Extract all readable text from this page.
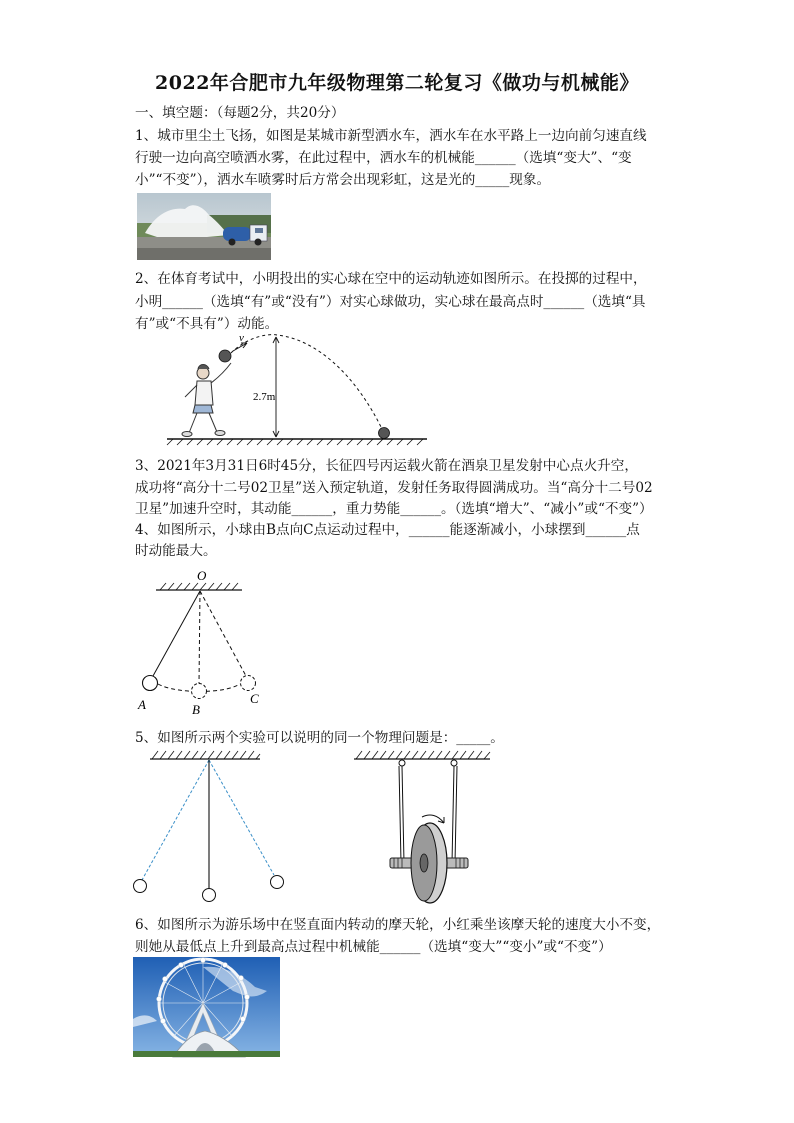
2022年合肥市九年级物理第二轮复习《做功与机械能》
一、填空题：（每题2分，共20分）
1、城市里尘土飞扬，如图是某城市新型洒水车，洒水车在水平路上一边向前匀速直线
行驶一边向高空喷洒水雾，在此过程中，洒水车的机械能______（选填“变大”、“变
小”“不变”），洒水车喷雾时后方常会出现彩虹，这是光的_____现象。
2、在体育考试中，小明投出的实心球在空中的运动轨迹如图所示。在投掷的过程中，
小明______（选填“有”或“没有”）对实心球做功，实心球在最高点时______（选填“具
有”或“不具有”）动能。
v
2.7m
3、2021年3月31日6时45分，长征四号丙运载火箭在酒泉卫星发射中心点火升空，
成功将“高分十二号02卫星”送入预定轨道，发射任务取得圆满成功。当“高分十二号02
卫星”加速升空时，其动能______，重力势能______。（选填“增大”、“减小”或“不变”）
4、如图所示，小球由B点向C点运动过程中，______能逐渐减小，小球摆到______点
时动能最大。
O
A	B
C
5、如图所示两个实验可以说明的同一个物理问题是：_____。
6、如图所示为游乐场中在竖直面内转动的摩天轮，小红乘坐该摩天轮的速度大小不变，
则她从最低点上升到最高点过程中机械能______（选填“变大”“变小”或“不变”）
